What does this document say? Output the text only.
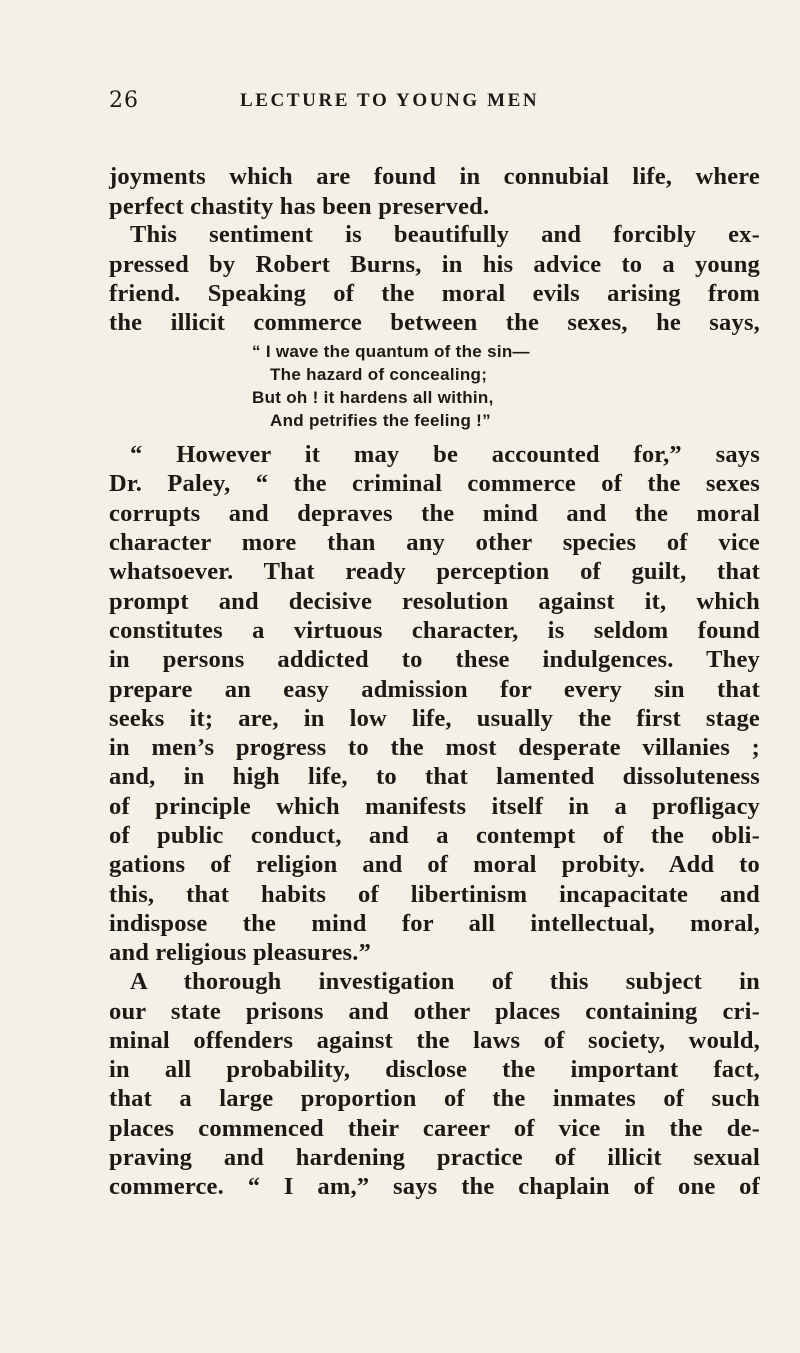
26	LECTURE TO YOUNG MEN
joyments which are found in connubial life, where
perfect chastity has been preserved.
This sentiment is beautifully and forcibly ex-
pressed by Robert Burns, in his advice to a young
friend. Speaking of the moral evils arising from
the illicit commerce between the sexes, he says,
“ I wave the quantum of the sin—
The hazard of concealing;
But oh ! it hardens all within,
And petrifies the feeling !”
“ However it may be accounted for,” says
Dr. Paley, “ the criminal commerce of the sexes
corrupts and depraves the mind and the moral
character more than any other species of vice
whatsoever. That ready perception of guilt, that
prompt and decisive resolution against it, which
constitutes a virtuous character, is seldom found
in persons addicted to these indulgences. They
prepare an easy admission for every sin that
seeks it; are, in low life, usually the first stage
in men’s progress to the most desperate villanies ;
and, in high life, to that lamented dissoluteness
of principle which manifests itself in a profligacy
of public conduct, and a contempt of the obli-
gations of religion and of moral probity. Add to
this, that habits of libertinism incapacitate and
indispose the mind for all intellectual, moral,
and religious pleasures.”
A thorough investigation of this subject in
our state prisons and other places containing cri-
minal offenders against the laws of society, would,
in all probability, disclose the important fact,
that a large proportion of the inmates of such
places commenced their career of vice in the de-
praving and hardening practice of illicit sexual
commerce. “ I am,” says the chaplain of one of
